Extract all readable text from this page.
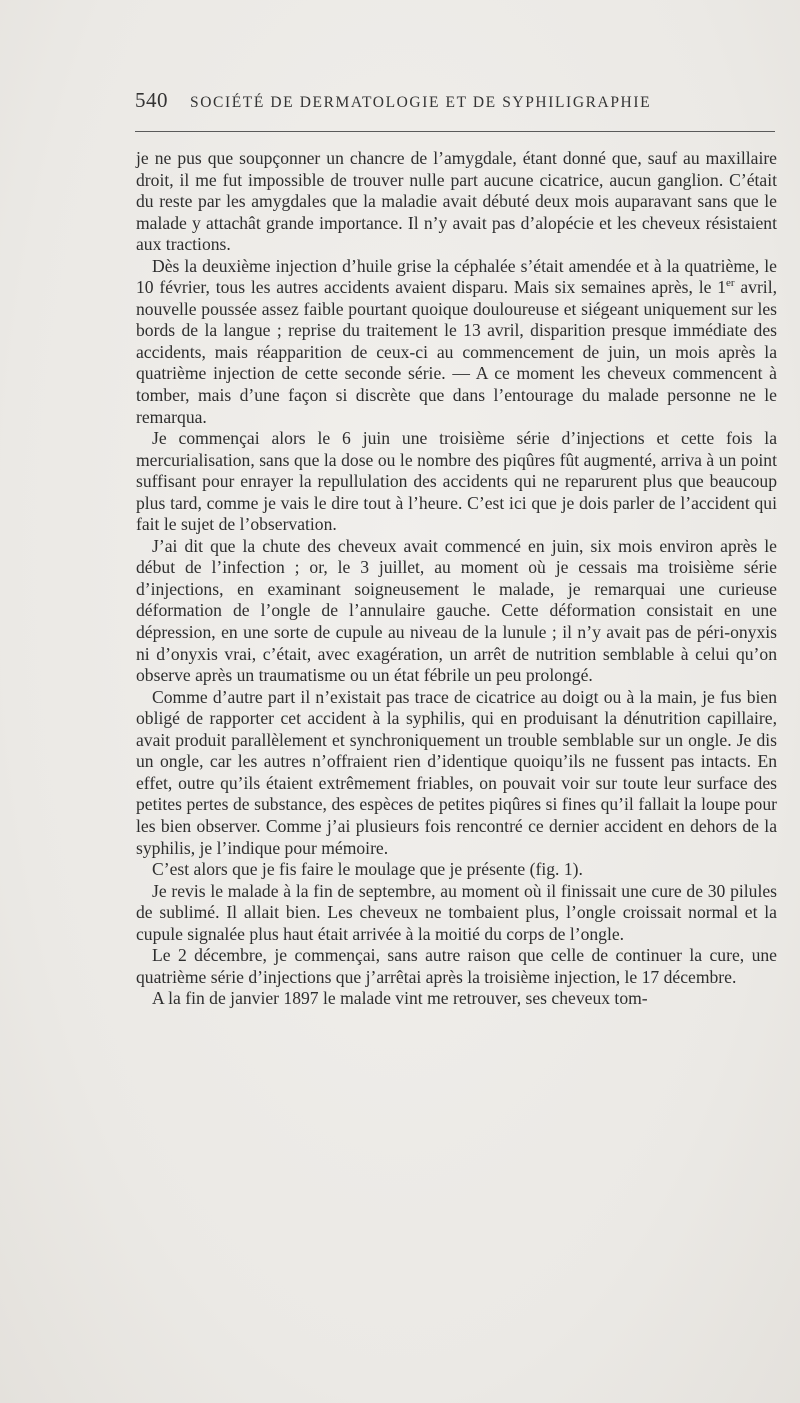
540 SOCIÉTÉ DE DERMATOLOGIE ET DE SYPHILIGRAPHIE

je ne pus que soupçonner un chancre de l’amygdale, étant donné que, sauf au maxillaire droit, il me fut impossible de trouver nulle part aucune cicatrice, aucun ganglion. C’était du reste par les amygdales que la maladie avait débuté deux mois auparavant sans que le malade y attachât grande importance. Il n’y avait pas d’alopécie et les cheveux résistaient aux tractions.

Dès la deuxième injection d’huile grise la céphalée s’était amendée et à la quatrième, le 10 février, tous les autres accidents avaient disparu. Mais six semaines après, le 1er avril, nouvelle poussée assez faible pourtant quoique douloureuse et siégeant uniquement sur les bords de la langue ; reprise du traitement le 13 avril, disparition presque immédiate des accidents, mais réapparition de ceux-ci au commencement de juin, un mois après la quatrième injection de cette seconde série. — A ce moment les cheveux commencent à tomber, mais d’une façon si discrète que dans l’entourage du malade personne ne le remarqua.

Je commençai alors le 6 juin une troisième série d’injections et cette fois la mercurialisation, sans que la dose ou le nombre des piqûres fût augmenté, arriva à un point suffisant pour enrayer la repullulation des accidents qui ne reparurent plus que beaucoup plus tard, comme je vais le dire tout à l’heure. C’est ici que je dois parler de l’accident qui fait le sujet de l’observation.

J’ai dit que la chute des cheveux avait commencé en juin, six mois environ après le début de l’infection ; or, le 3 juillet, au moment où je cessais ma troisième série d’injections, en examinant soigneusement le malade, je remarquai une curieuse déformation de l’ongle de l’annulaire gauche. Cette déformation consistait en une dépression, en une sorte de cupule au niveau de la lunule ; il n’y avait pas de péri-onyxis ni d’onyxis vrai, c’était, avec exagération, un arrêt de nutrition semblable à celui qu’on observe après un traumatisme ou un état fébrile un peu prolongé.

Comme d’autre part il n’existait pas trace de cicatrice au doigt ou à la main, je fus bien obligé de rapporter cet accident à la syphilis, qui en produisant la dénutrition capillaire, avait produit parallèlement et synchroniquement un trouble semblable sur un ongle. Je dis un ongle, car les autres n’offraient rien d’identique quoiqu’ils ne fussent pas intacts. En effet, outre qu’ils étaient extrêmement friables, on pouvait voir sur toute leur surface des petites pertes de substance, des espèces de petites piqûres si fines qu’il fallait la loupe pour les bien observer. Comme j’ai plusieurs fois rencontré ce dernier accident en dehors de la syphilis, je l’indique pour mémoire.

C’est alors que je fis faire le moulage que je présente (fig. 1).

Je revis le malade à la fin de septembre, au moment où il finissait une cure de 30 pilules de sublimé. Il allait bien. Les cheveux ne tombaient plus, l’ongle croissait normal et la cupule signalée plus haut était arrivée à la moitié du corps de l’ongle.

Le 2 décembre, je commençai, sans autre raison que celle de continuer la cure, une quatrième série d’injections que j’arrêtai après la troisième injection, le 17 décembre.

A la fin de janvier 1897 le malade vint me retrouver, ses cheveux tom-
